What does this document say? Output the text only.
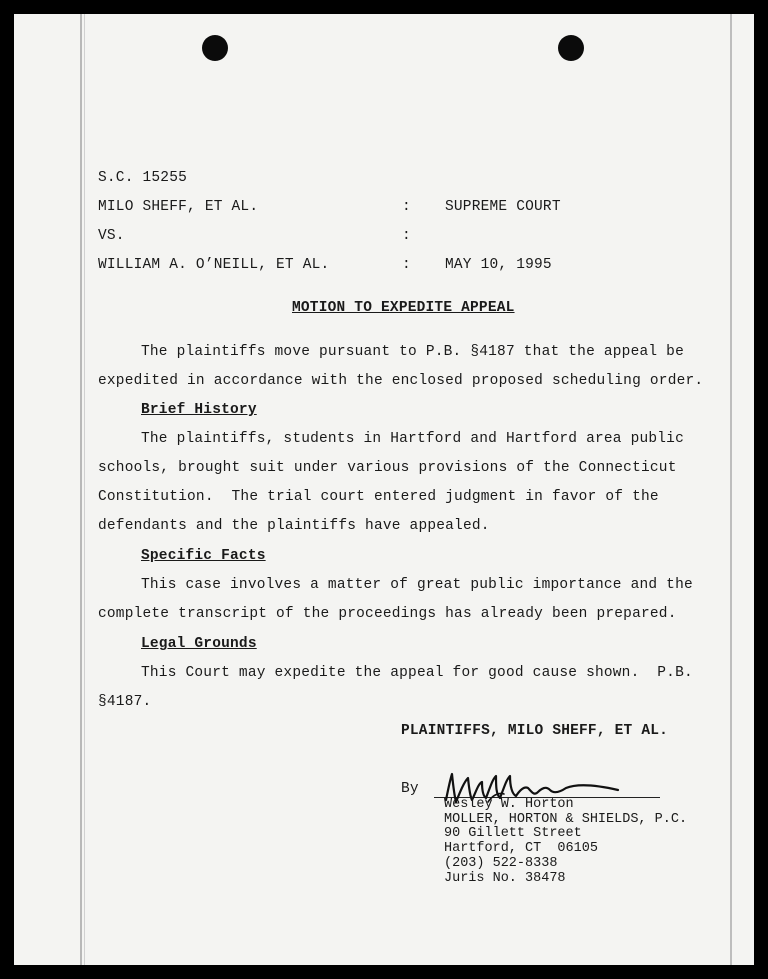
S.C. 15255
MILO SHEFF, ET AL.	: SUPREME COURT
VS.	:
WILLIAM A. O’NEILL, ET AL.	: MAY 10, 1995
MOTION TO EXPEDITE APPEAL
The plaintiffs move pursuant to P.B. §4187 that the appeal be
expedited in accordance with the enclosed proposed scheduling order.
Brief History
The plaintiffs, students in Hartford and Hartford area public
schools, brought suit under various provisions of the Connecticut
Constitution.  The trial court entered judgment in favor of the
defendants and the plaintiffs have appealed.
Specific Facts
This case involves a matter of great public importance and the
complete transcript of the proceedings has already been prepared.
Legal Grounds
This Court may expedite the appeal for good cause shown.  P.B.
§4187.
PLAINTIFFS, MILO SHEFF, ET AL.
By
Wesley W. Horton
MOLLER, HORTON & SHIELDS, P.C.
90 Gillett Street
Hartford, CT  06105
(203) 522-8338
Juris No. 38478
